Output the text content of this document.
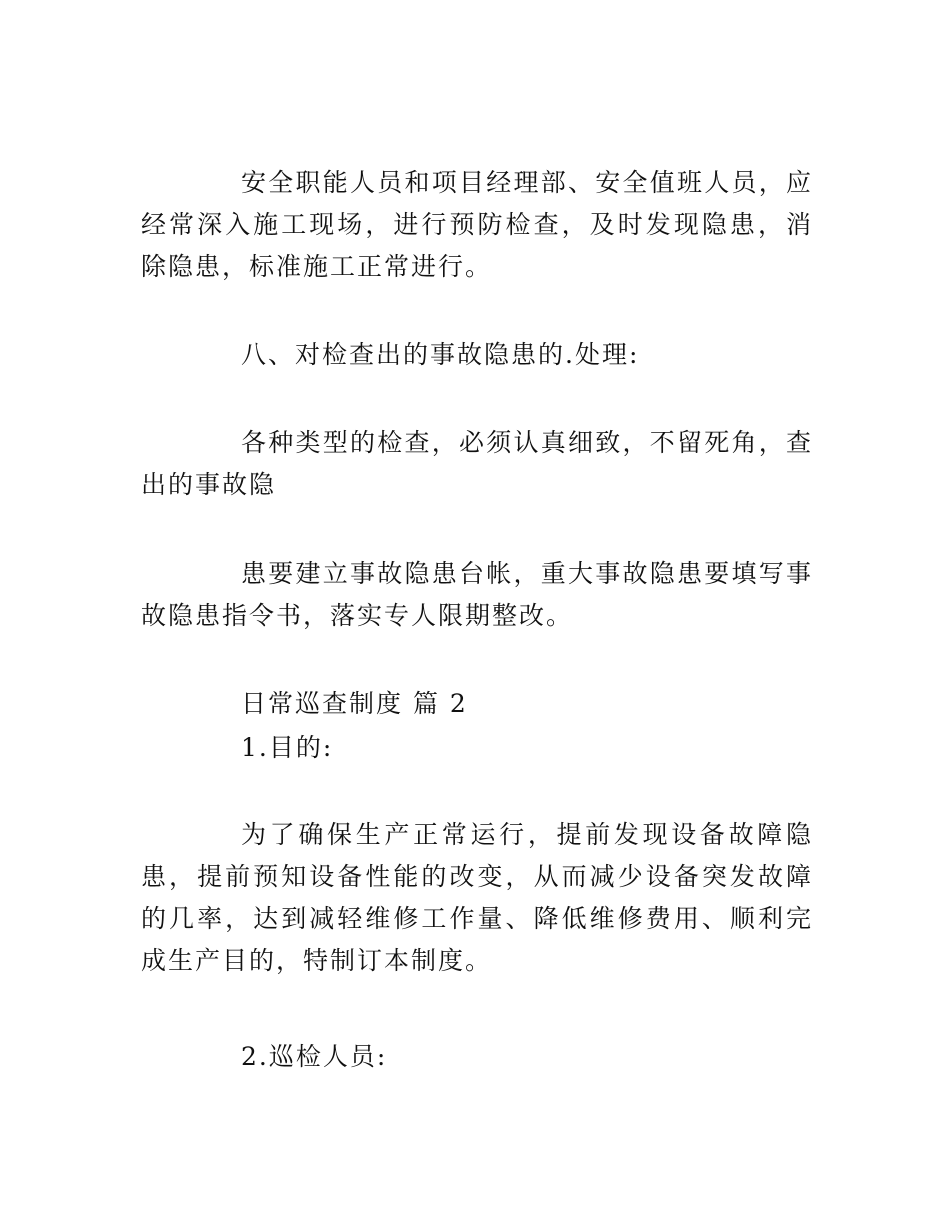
安全职能人员和项目经理部、安全值班人员，应经常深入施工现场，进行预防检查，及时发现隐患，消除隐患，标准施工正常进行。

八、对检查出的事故隐患的.处理:

各种类型的检查，必须认真细致，不留死角，查出的事故隐

患要建立事故隐患台帐，重大事故隐患要填写事故隐患指令书，落实专人限期整改。

日常巡查制度 篇 2

1.目的:

为了确保生产正常运行，提前发现设备故障隐患，提前预知设备性能的改变，从而减少设备突发故障的几率，达到减轻维修工作量、降低维修费用、顺利完成生产目的，特制订本制度。

2.巡检人员:
